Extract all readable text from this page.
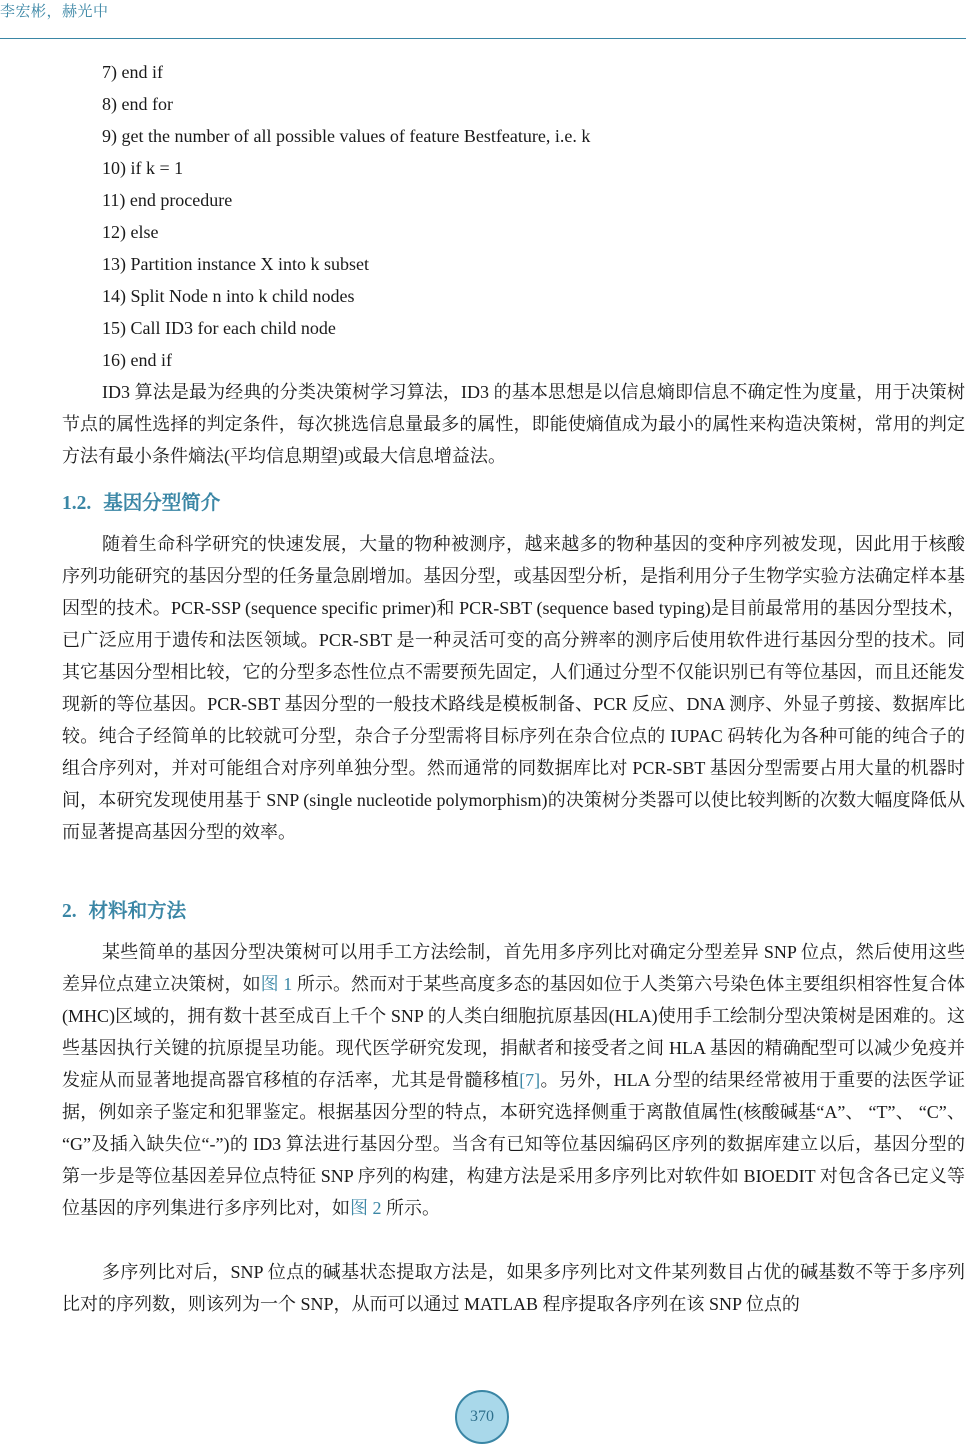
李宏彬，赫光中
7) end if
8) end for
9) get the number of all possible values of feature Bestfeature, i.e. k
10) if k = 1
11) end procedure
12) else
13) Partition instance X into k subset
14) Split Node n into k child nodes
15) Call ID3 for each child node
16) end if

ID3 算法是最为经典的分类决策树学习算法，ID3 的基本思想是以信息熵即信息不确定性为度量，用于决策树节点的属性选择的判定条件，每次挑选信息量最多的属性，即能使熵值成为最小的属性来构造决策树，常用的判定方法有最小条件熵法(平均信息期望)或最大信息增益法。

1.2. 基因分型简介

随着生命科学研究的快速发展，大量的物种被测序，越来越多的物种基因的变种序列被发现，因此用于核酸序列功能研究的基因分型的任务量急剧增加。基因分型，或基因型分析，是指利用分子生物学实验方法确定样本基因型的技术。PCR-SSP (sequence specific primer)和 PCR-SBT (sequence based typing)是目前最常用的基因分型技术，已广泛应用于遗传和法医领域。PCR-SBT 是一种灵活可变的高分辨率的测序后使用软件进行基因分型的技术。同其它基因分型相比较，它的分型多态性位点不需要预先固定，人们通过分型不仅能识别已有等位基因，而且还能发现新的等位基因。PCR-SBT 基因分型的一般技术路线是模板制备、PCR 反应、DNA 测序、外显子剪接、数据库比较。纯合子经简单的比较就可分型，杂合子分型需将目标序列在杂合位点的 IUPAC 码转化为各种可能的纯合子的组合序列对，并对可能组合对序列单独分型。然而通常的同数据库比对 PCR-SBT 基因分型需要占用大量的机器时间，本研究发现使用基于 SNP (single nucleotide polymorphism)的决策树分类器可以使比较判断的次数大幅度降低从而显著提高基因分型的效率。

2. 材料和方法

某些简单的基因分型决策树可以用手工方法绘制，首先用多序列比对确定分型差异 SNP 位点，然后使用这些差异位点建立决策树，如图 1 所示。然而对于某些高度多态的基因如位于人类第六号染色体主要组织相容性复合体(MHC)区域的，拥有数十甚至成百上千个 SNP 的人类白细胞抗原基因(HLA)使用手工绘制分型决策树是困难的。这些基因执行关键的抗原提呈功能。现代医学研究发现，捐献者和接受者之间 HLA 基因的精确配型可以减少免疫并发症从而显著地提高器官移植的存活率，尤其是骨髓移植[7]。另外，HLA 分型的结果经常被用于重要的法医学证据，例如亲子鉴定和犯罪鉴定。根据基因分型的特点，本研究选择侧重于离散值属性(核酸碱基“A”、 “T”、 “C”、 “G”及插入缺失位“-”)的 ID3 算法进行基因分型。当含有已知等位基因编码区序列的数据库建立以后，基因分型的第一步是等位基因差异位点特征 SNP 序列的构建，构建方法是采用多序列比对软件如 BIOEDIT 对包含各已定义等位基因的序列集进行多序列比对，如图 2 所示。

多序列比对后，SNP 位点的碱基状态提取方法是，如果多序列比对文件某列数目占优的碱基数不等于多序列比对的序列数，则该列为一个 SNP，从而可以通过 MATLAB 程序提取各序列在该 SNP 位点的

370
